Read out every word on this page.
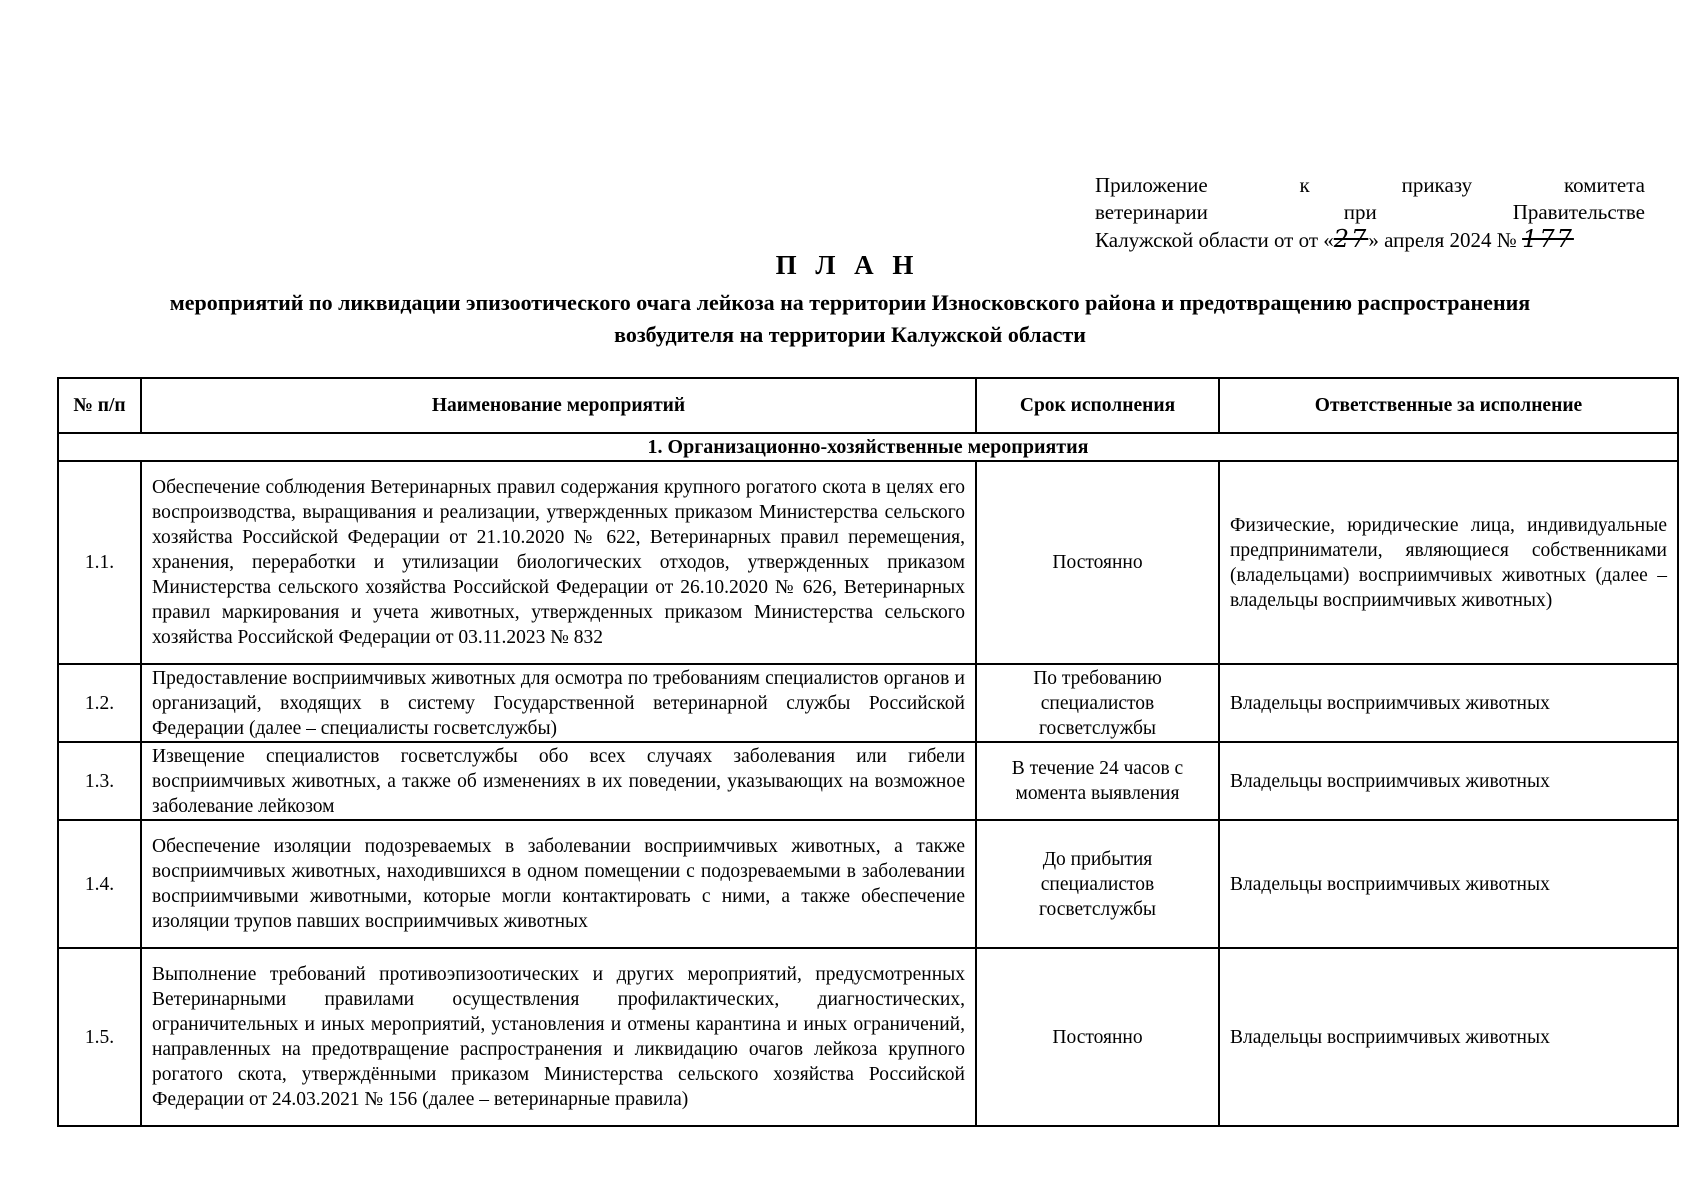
Приложение	к	приказу	комитета
ветеринарии	при	Правительстве
Калужской области от от «27» апреля 2024 № 177
П Л А Н
мероприятий по ликвидации эпизоотического очага лейкоза на территории Износковского района и предотвращению распространения возбудителя на территории Калужской области
№ п/п	Наименование мероприятий	Срок исполнения	Ответственные за исполнение
1. Организационно-хозяйственные мероприятия			
1.1.	Обеспечение соблюдения Ветеринарных правил содержания крупного рогатого скота в целях его воспроизводства, выращивания и реализации, утвержденных приказом Министерства сельского хозяйства Российской Федерации от 21.10.2020 № 622, Ветеринарных правил перемещения, хранения, переработки и утилизации биологических отходов, утвержденных приказом Министерства сельского хозяйства Российской Федерации от 26.10.2020 № 626, Ветеринарных правил маркирования и учета животных, утвержденных приказом Министерства сельского хозяйства Российской Федерации от 03.11.2023 № 832	Постоянно	Физические, юридические лица, индивидуальные предприниматели, являющиеся собственниками (владельцами) восприимчивых животных (далее – владельцы восприимчивых животных)
1.2.	Предоставление восприимчивых животных для осмотра по требованиям специалистов органов и организаций, входящих в систему Государственной ветеринарной службы Российской Федерации (далее – специалисты госветслужбы)	По требованию специалистов госветслужбы	Владельцы восприимчивых животных
1.3.	Извещение специалистов госветслужбы обо всех случаях заболевания или гибели восприимчивых животных, а также об изменениях в их поведении, указывающих на возможное заболевание лейкозом	В течение 24 часов с момента выявления	Владельцы восприимчивых животных
1.4.	Обеспечение изоляции подозреваемых в заболевании восприимчивых животных, а также восприимчивых животных, находившихся в одном помещении с подозреваемыми в заболевании восприимчивыми животными, которые могли контактировать с ними, а также обеспечение изоляции трупов павших восприимчивых животных	До прибытия специалистов госветслужбы	Владельцы восприимчивых животных
1.5.	Выполнение требований противоэпизоотических и других мероприятий, предусмотренных Ветеринарными правилами осуществления профилактических, диагностических, ограничительных и иных мероприятий, установления и отмены карантина и иных ограничений, направленных на предотвращение распространения и ликвидацию очагов лейкоза крупного рогатого скота, утверждёнными приказом Министерства сельского хозяйства Российской Федерации от 24.03.2021 № 156 (далее – ветеринарные правила)	Постоянно	Владельцы восприимчивых животных
